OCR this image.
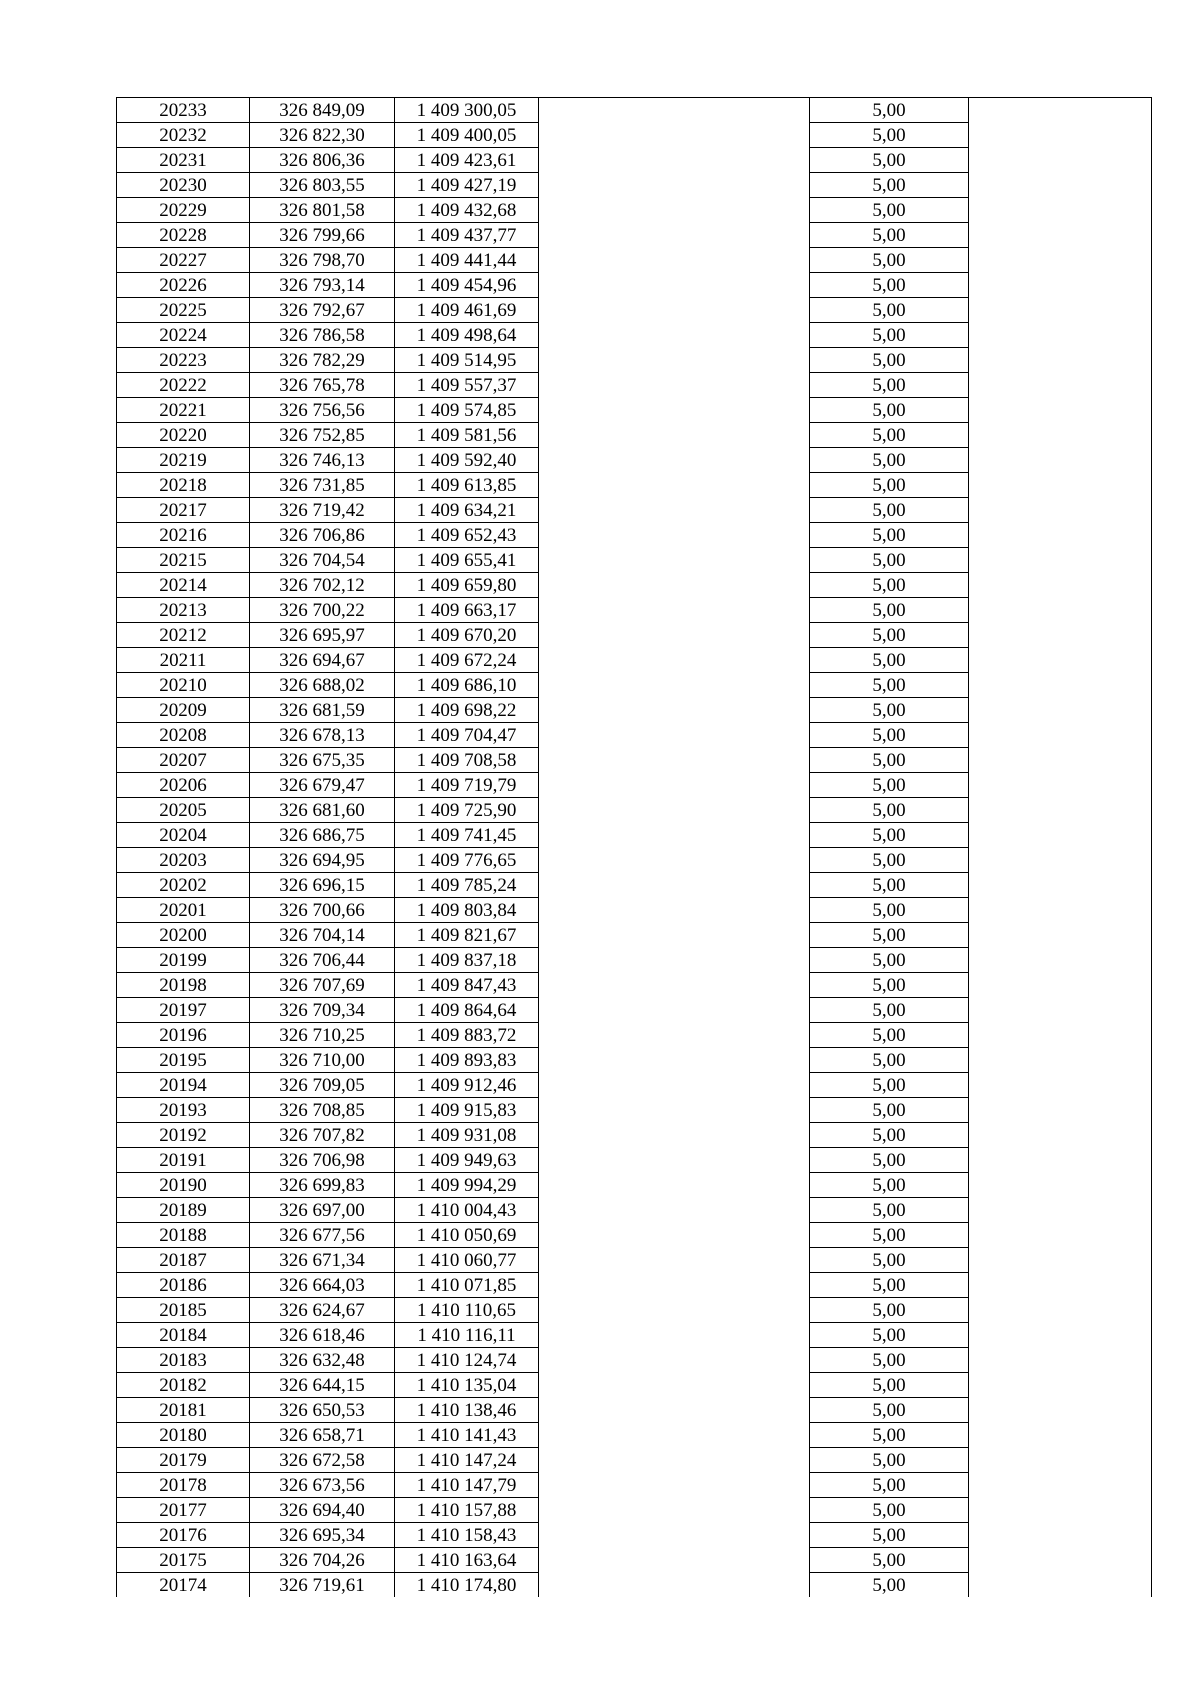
20233	326 849,09	1 409 300,05		5,00	
20232	326 822,30	1 409 400,05		5,00	
20231	326 806,36	1 409 423,61		5,00	
20230	326 803,55	1 409 427,19		5,00	
20229	326 801,58	1 409 432,68		5,00	
20228	326 799,66	1 409 437,77		5,00	
20227	326 798,70	1 409 441,44		5,00	
20226	326 793,14	1 409 454,96		5,00	
20225	326 792,67	1 409 461,69		5,00	
20224	326 786,58	1 409 498,64		5,00	
20223	326 782,29	1 409 514,95		5,00	
20222	326 765,78	1 409 557,37		5,00	
20221	326 756,56	1 409 574,85		5,00	
20220	326 752,85	1 409 581,56		5,00	
20219	326 746,13	1 409 592,40		5,00	
20218	326 731,85	1 409 613,85		5,00	
20217	326 719,42	1 409 634,21		5,00	
20216	326 706,86	1 409 652,43		5,00	
20215	326 704,54	1 409 655,41		5,00	
20214	326 702,12	1 409 659,80		5,00	
20213	326 700,22	1 409 663,17		5,00	
20212	326 695,97	1 409 670,20		5,00	
20211	326 694,67	1 409 672,24		5,00	
20210	326 688,02	1 409 686,10		5,00	
20209	326 681,59	1 409 698,22		5,00	
20208	326 678,13	1 409 704,47		5,00	
20207	326 675,35	1 409 708,58		5,00	
20206	326 679,47	1 409 719,79		5,00	
20205	326 681,60	1 409 725,90		5,00	
20204	326 686,75	1 409 741,45		5,00	
20203	326 694,95	1 409 776,65		5,00	
20202	326 696,15	1 409 785,24		5,00	
20201	326 700,66	1 409 803,84		5,00	
20200	326 704,14	1 409 821,67		5,00	
20199	326 706,44	1 409 837,18		5,00	
20198	326 707,69	1 409 847,43		5,00	
20197	326 709,34	1 409 864,64		5,00	
20196	326 710,25	1 409 883,72		5,00	
20195	326 710,00	1 409 893,83		5,00	
20194	326 709,05	1 409 912,46		5,00	
20193	326 708,85	1 409 915,83		5,00	
20192	326 707,82	1 409 931,08		5,00	
20191	326 706,98	1 409 949,63		5,00	
20190	326 699,83	1 409 994,29		5,00	
20189	326 697,00	1 410 004,43		5,00	
20188	326 677,56	1 410 050,69		5,00	
20187	326 671,34	1 410 060,77		5,00	
20186	326 664,03	1 410 071,85		5,00	
20185	326 624,67	1 410 110,65		5,00	
20184	326 618,46	1 410 116,11		5,00	
20183	326 632,48	1 410 124,74		5,00	
20182	326 644,15	1 410 135,04		5,00	
20181	326 650,53	1 410 138,46		5,00	
20180	326 658,71	1 410 141,43		5,00	
20179	326 672,58	1 410 147,24		5,00	
20178	326 673,56	1 410 147,79		5,00	
20177	326 694,40	1 410 157,88		5,00	
20176	326 695,34	1 410 158,43		5,00	
20175	326 704,26	1 410 163,64		5,00	
20174	326 719,61	1 410 174,80		5,00	
